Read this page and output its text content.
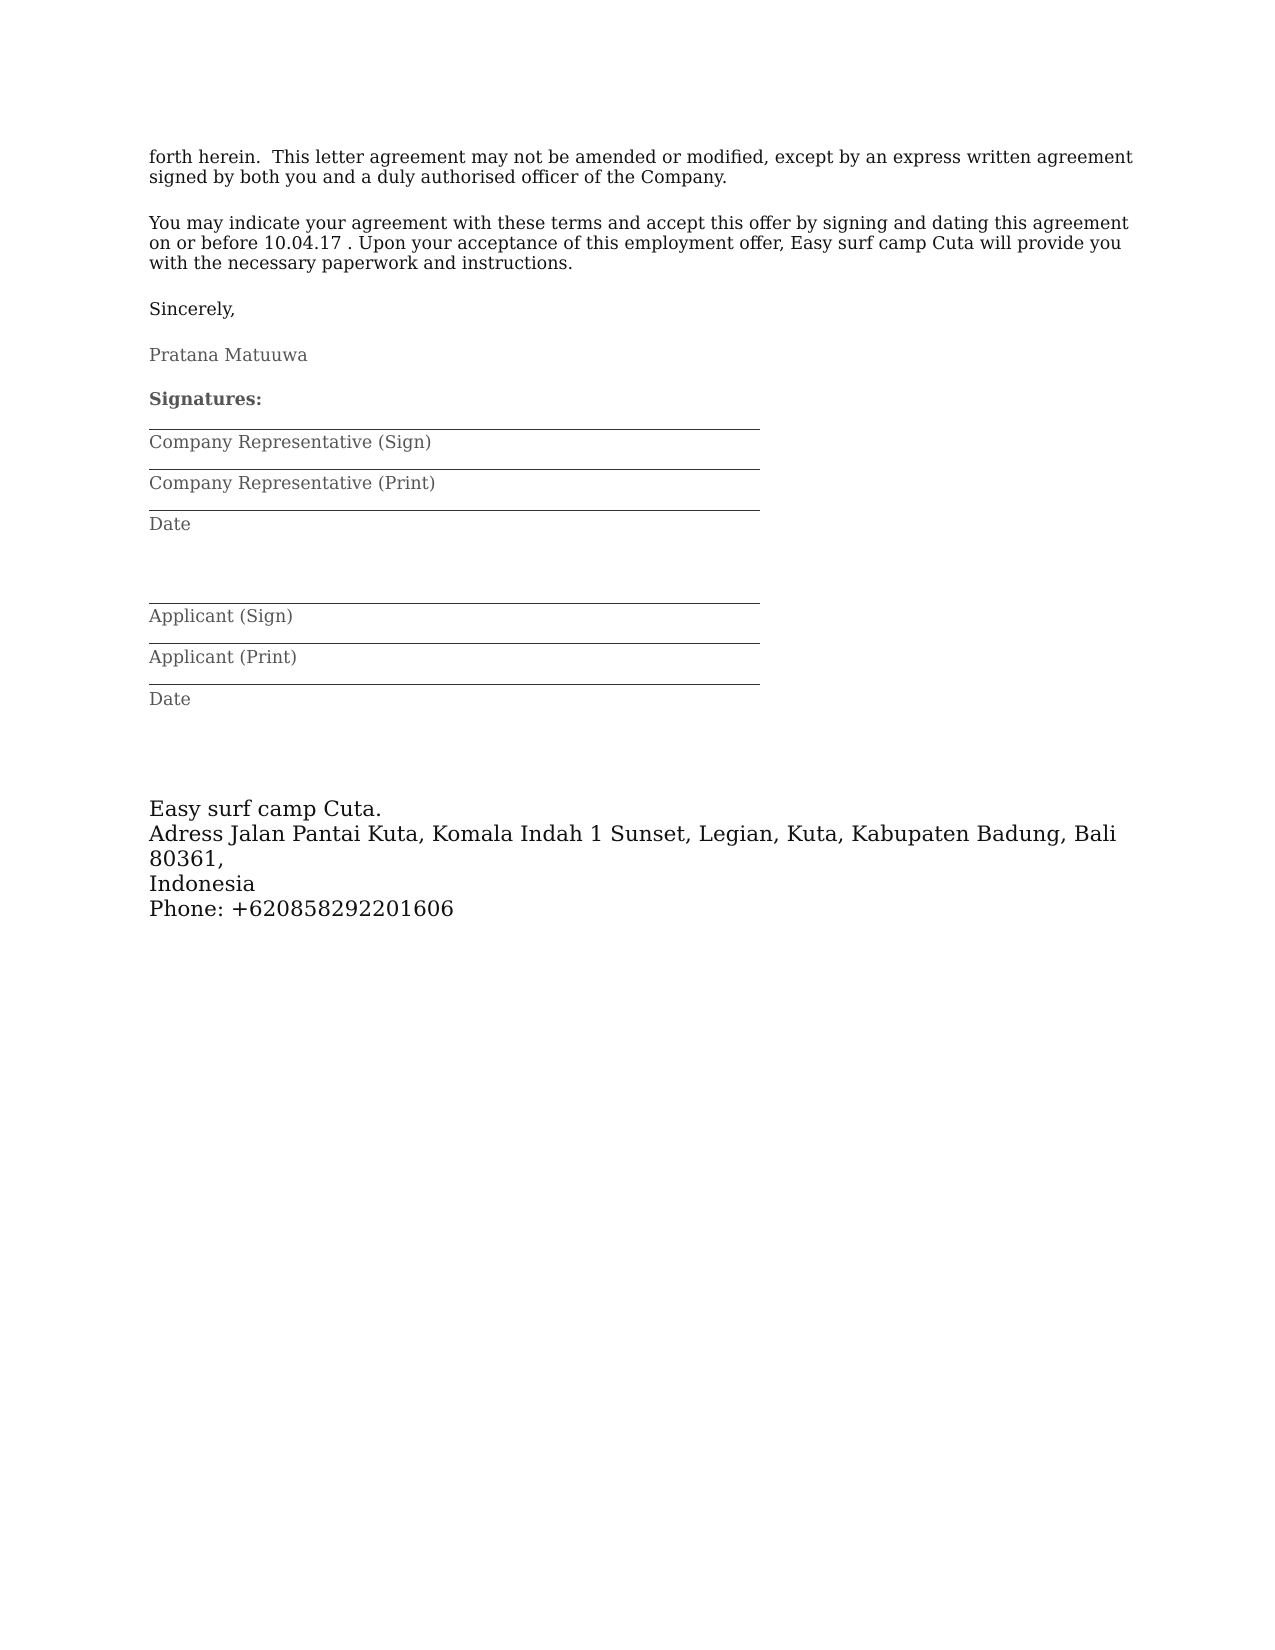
forth herein.  This letter agreement may not be amended or modified, except by an express written agreement signed by both you and a duly authorised officer of the Company.

You may indicate your agreement with these terms and accept this offer by signing and dating this agreement on or before 10.04.17 . Upon your acceptance of this employment offer, Easy surf camp Cuta will provide you with the necessary paperwork and instructions.

Sincerely,

Pratana Matuuwa

Signatures:

Company Representative (Sign)

Company Representative (Print)

Date

Applicant (Sign)

Applicant (Print)

Date

Easy surf camp Cuta.
Adress Jalan Pantai Kuta, Komala Indah 1 Sunset, Legian, Kuta, Kabupaten Badung, Bali 80361,
Indonesia
Phone: +620858292201606
